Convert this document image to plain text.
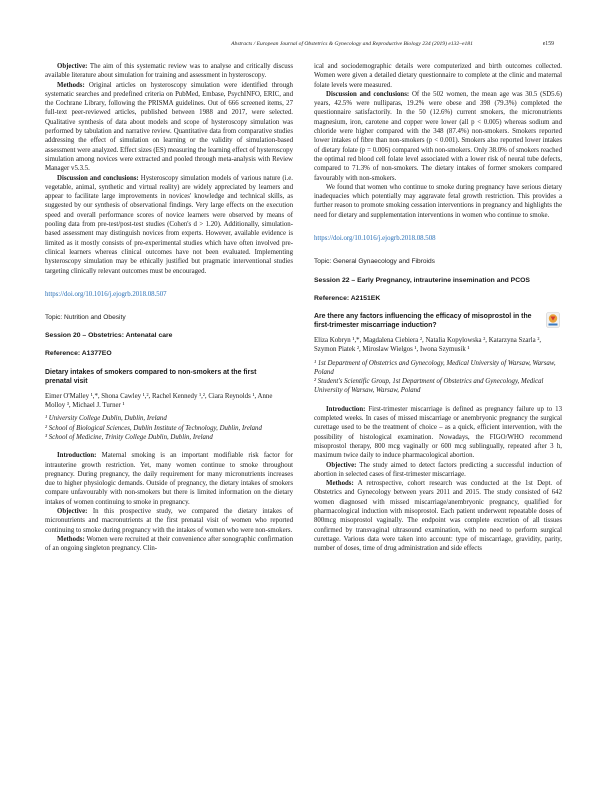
Abstracts / European Journal of Obstetrics & Gynecology and Reproductive Biology 234 (2019) e132–e181	e159

Objective: The aim of this systematic review was to analyse and critically discuss available literature about simulation for training and assessment in hysteroscopy.

Methods: Original articles on hysteroscopy simulation were identified through systematic searches and predefined criteria on PubMed, Embase, PsychINFO, ERIC, and the Cochrane Library, following the PRISMA guidelines. Out of 666 screened items, 27 full-text peer-reviewed articles, published between 1988 and 2017, were selected. Qualitative synthesis of data about models and scope of hysteroscopy simulation was performed by tabulation and narrative review. Quantitative data from comparative studies addressing the effect of simulation on learning or the validity of simulation-based assessment were analyzed. Effect sizes (ES) measuring the learning effect of hysteroscopy simulation among novices were extracted and pooled through meta-analysis with Review Manager v5.3.5.

Discussion and conclusions: Hysteroscopy simulation models of various nature (i.e. vegetable, animal, synthetic and virtual reality) are widely appreciated by learners and appear to facilitate large improvements in novices' knowledge and technical skills, as suggested by our synthesis of observational findings. Very large effects on the execution speed and overall performance scores of novice learners were observed by means of pooling data from pre-test/post-test studies (Cohen's d > 1.20). Additionally, simulation-based assessment may distinguish novices from experts. However, available evidence is limited as it mostly consists of pre-experimental studies which have often involved pre-clinical learners whereas clinical outcomes have not been evaluated. Implementing hysteroscopy simulation may be ethically justified but pragmatic interventional studies targeting clinically relevant outcomes must be encouraged.

https://doi.org/10.1016/j.ejogrb.2018.08.507

Topic: Nutrition and Obesity

Session 20 – Obstetrics: Antenatal care

Reference: A1377EO

Dietary intakes of smokers compared to non-smokers at the first prenatal visit

Eimer O'Malley ¹,*, Shona Cawley ¹,², Rachel Kennedy ¹,², Ciara Reynolds ¹, Anne Molloy ³, Michael J. Turner ¹

¹ University College Dublin, Dublin, Ireland
² School of Biological Sciences, Dublin Institute of Technology, Dublin, Ireland
³ School of Medicine, Trinity College Dublin, Dublin, Ireland

Introduction: Maternal smoking is an important modifiable risk factor for intrauterine growth restriction. Yet, many women continue to smoke throughout pregnancy. During pregnancy, the daily requirement for many micronutrients increases due to higher physiologic demands. Outside of pregnancy, the dietary intakes of smokers compare unfavourably with non-smokers but there is limited information on the dietary intakes of women continuing to smoke in pregnancy.

Objective: In this prospective study, we compared the dietary intakes of micronutrients and macronutrients at the first prenatal visit of women who reported continuing to smoke during pregnancy with the intakes of women who were non-smokers.

Methods: Women were recruited at their convenience after sonographic confirmation of an ongoing singleton pregnancy. Clin-

ical and sociodemographic details were computerized and birth outcomes collected. Women were given a detailed dietary questionnaire to complete at the clinic and maternal folate levels were measured.

Discussion and conclusions: Of the 502 women, the mean age was 30.5 (SD5.6) years, 42.5% were nulliparas, 19.2% were obese and 398 (79.3%) completed the questionnaire satisfactorily. In the 50 (12.6%) current smokers, the micronutrients magnesium, iron, carotene and copper were lower (all p < 0.005) whereas sodium and chloride were higher compared with the 348 (87.4%) non-smokers. Smokers reported lower intakes of fibre than non-smokers (p < 0.001). Smokers also reported lower intakes of dietary folate (p = 0.006) compared with non-smokers. Only 38.0% of smokers reached the optimal red blood cell folate level associated with a lower risk of neural tube defects, compared to 71.3% of non-smokers. The dietary intakes of former smokers compared favourably with non-smokers.

We found that women who continue to smoke during pregnancy have serious dietary inadequacies which potentially may aggravate fetal growth restriction. This provides a further reason to promote smoking cessation interventions in pregnancy and highlights the need for dietary and supplementation interventions in women who continue to smoke.

https://doi.org/10.1016/j.ejogrb.2018.08.508

Topic: General Gynaecology and Fibroids

Session 22 – Early Pregnancy, intrauterine insemination and PCOS

Reference: A2151EK

Are there any factors influencing the efficacy of misoprostol in the first-trimester miscarriage induction?

Eliza Kobryn ¹,*, Magdalena Ciebiera ², Natalia Kopylowska ², Katarzyna Szarla ², Szymon Piatek ², Miroslaw Wielgos ¹, Iwona Szymusik ¹

¹ 1st Department of Obstetrics and Gynecology, Medical University of Warsaw, Warsaw, Poland
² Student's Scientific Group, 1st Department of Obstetrics and Gynecology, Medical University of Warsaw, Warsaw, Poland

Introduction: First-trimester miscarriage is defined as pregnancy failure up to 13 completed weeks. In cases of missed miscarriage or anembryonic pregnancy the surgical curettage used to be the treatment of choice – as a quick, efficient intervention, with the possibility of histological examination. Nowadays, the FIGO/WHO recommend misoprostol therapy, 800 mcg vaginally or 600 mcg sublingually, repeated after 3 h, maximum twice daily to induce pharmacological abortion.

Objective: The study aimed to detect factors predicting a successful induction of abortion in selected cases of first-trimester miscarriage.

Methods: A retrospective, cohort research was conducted at the 1st Dept. of Obstetrics and Gynecology between years 2011 and 2015. The study consisted of 642 women diagnosed with missed miscarriage/anembryonic pregnancy, qualified for pharmacological induction with misoprostol. Each patient underwent repeatable doses of 800mcg misoprostol vaginally. The endpoint was complete excretion of all tissues confirmed by transvaginal ultrasound examination, with no need to perform surgical curettage. Various data were taken into account: type of miscarriage, gravidity, parity, number of doses, time of drug administration and side effects
